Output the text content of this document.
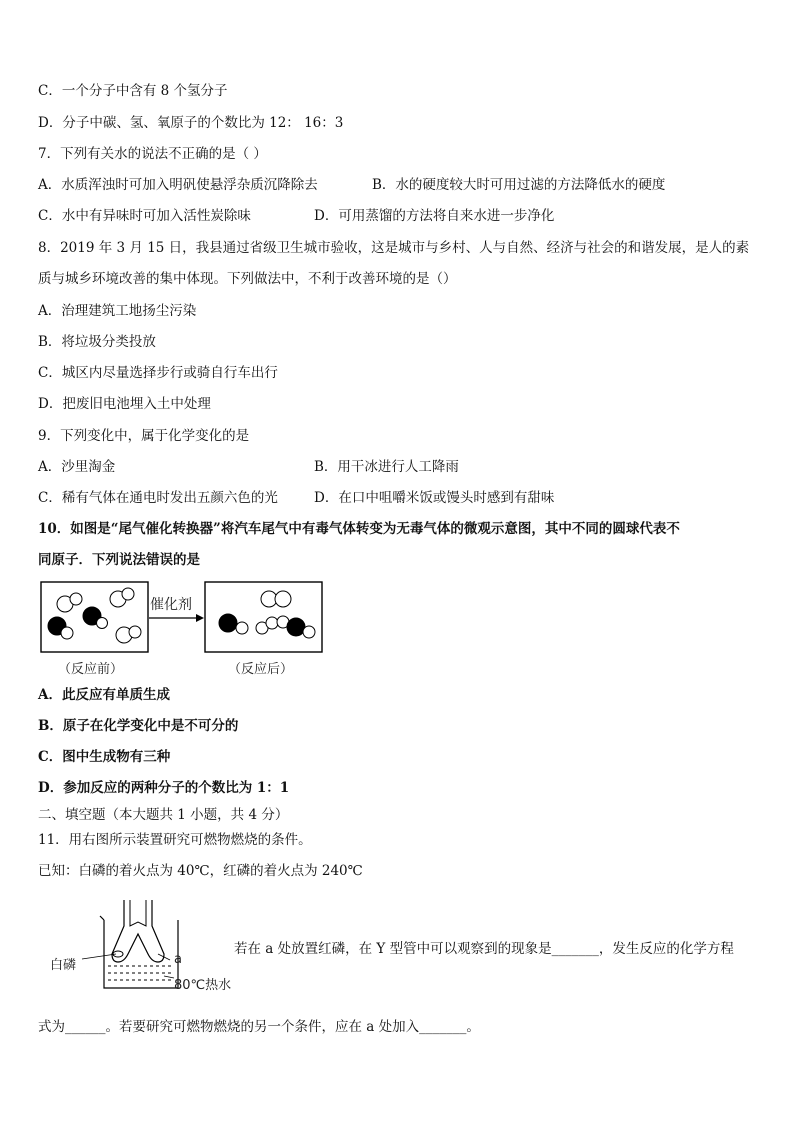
C．一个分子中含有 8 个氢分子
D．分子中碳、氢、氧原子的个数比为 12： 16：3
7．下列有关水的说法不正确的是（ ）
A．水质浑浊时可加入明矾使悬浮杂质沉降除去	B．水的硬度较大时可用过滤的方法降低水的硬度
C．水中有异味时可加入活性炭除味	D．可用蒸馏的方法将自来水进一步净化
8．2019 年 3 月 15 日，我县通过省级卫生城市验收，这是城市与乡村、人与自然、经济与社会的和谐发展，是人的素
质与城乡环境改善的集中体现。下列做法中，不利于改善环境的是（）
A．治理建筑工地扬尘污染
B．将垃圾分类投放
C．城区内尽量选择步行或骑自行车出行
D．把废旧电池埋入土中处理
9．下列变化中，属于化学变化的是
A．沙里淘金	B．用干冰进行人工降雨
C．稀有气体在通电时发出五颜六色的光	D．在口中咀嚼米饭或馒头时感到有甜味
10．如图是“尾气催化转换器”将汽车尾气中有毒气体转变为无毒气体的微观示意图，其中不同的圆球代表不
同原子．下列说法错误的是
催化剂
（反应前）	（反应后）
A．此反应有单质生成
B．原子在化学变化中是不可分的
C．图中生成物有三种
D．参加反应的两种分子的个数比为 1：1
二、填空题（本大题共 1 小题，共 4 分）
11．用右图所示装置研究可燃物燃烧的条件。
已知：白磷的着火点为 40℃，红磷的着火点为 240℃
白磷	a
80℃热水
若在 a 处放置红磷，在 Y 型管中可以观察到的现象是_______，发生反应的化学方程
式为______。若要研究可燃物燃烧的另一个条件，应在 a 处加入_______。
